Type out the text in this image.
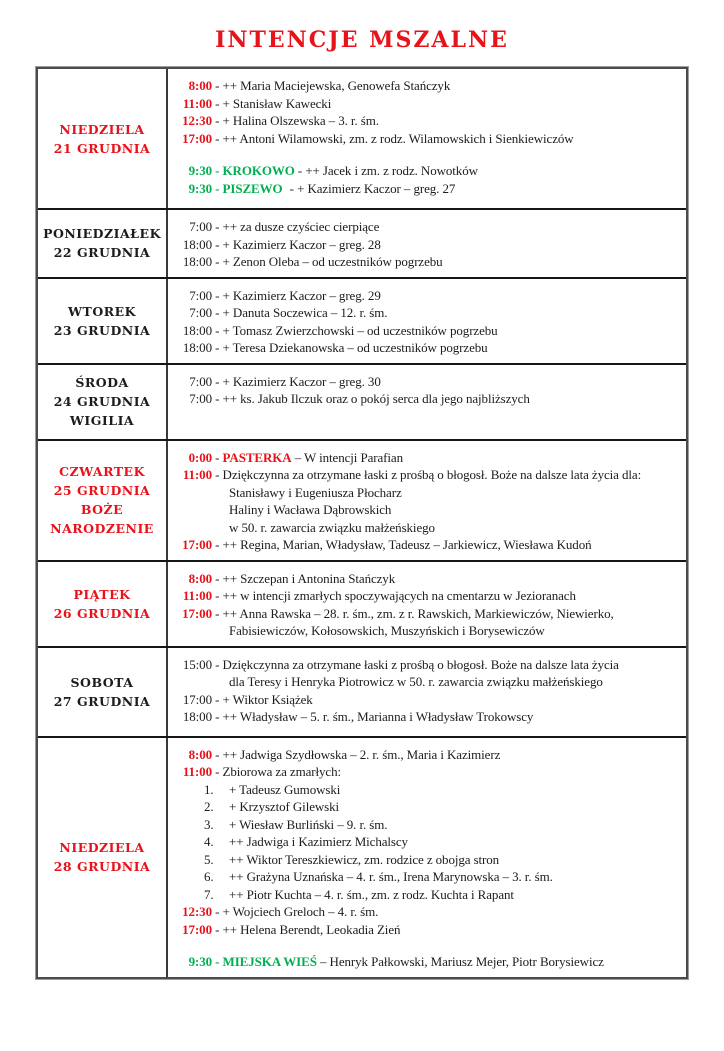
INTENCJE MSZALNE
NIEDZIELA
21 GRUDNIA
8:00 - ++ Maria Maciejewska, Genowefa Stańczyk
11:00 - + Stanisław Kawecki
12:30 - + Halina Olszewska – 3. r. śm.
17:00 - ++ Antoni Wilamowski, zm. z rodz. Wilamowskich i Sienkiewiczów
9:30 - KROKOWO - ++ Jacek i zm. z rodz. Nowotków
9:30 - PISZEWO - + Kazimierz Kaczor – greg. 27
PONIEDZIAŁEK
22 GRUDNIA
7:00 - ++ za dusze czyściec cierpiące
18:00 - + Kazimierz Kaczor – greg. 28
18:00 - + Zenon Oleba – od uczestników pogrzebu
WTOREK
23 GRUDNIA
7:00 - + Kazimierz Kaczor – greg. 29
7:00 - + Danuta Soczewica – 12. r. śm.
18:00 - + Tomasz Zwierzchowski – od uczestników pogrzebu
18:00 - + Teresa Dziekanowska – od uczestników pogrzebu
ŚRODA
24 GRUDNIA
WIGILIA
7:00 - + Kazimierz Kaczor – greg. 30
7:00 - ++ ks. Jakub Ilczuk oraz o pokój serca dla jego najbliższych
CZWARTEK
25 GRUDNIA
BOŻE
NARODZENIE
0:00 - PASTERKA – W intencji Parafian
11:00 - Dziękczynna za otrzymane łaski z prośbą o błogosł. Boże na dalsze lata życia dla:
Stanisławy i Eugeniusza Płocharz
Haliny i Wacława Dąbrowskich
w 50. r. zawarcia związku małżeńskiego
17:00 - ++ Regina, Marian, Władysław, Tadeusz – Jarkiewicz, Wiesława Kudoń
PIĄTEK
26 GRUDNIA
8:00 - ++ Szczepan i Antonina Stańczyk
11:00 - ++ w intencji zmarłych spoczywających na cmentarzu w Jezioranach
17:00 - ++ Anna Rawska – 28. r. śm., zm. z r. Rawskich, Markiewiczów, Niewierko,
Fabisiewiczów, Kołosowskich, Muszyńskich i Borysewiczów
SOBOTA
27 GRUDNIA
15:00 - Dziękczynna za otrzymane łaski z prośbą o błogosł. Boże na dalsze lata życia
dla Teresy i Henryka Piotrowicz w 50. r. zawarcia związku małżeńskiego
17:00 - + Wiktor Książek
18:00 - ++ Władysław – 5. r. śm., Marianna i Władysław Trokowscy
NIEDZIELA
28 GRUDNIA
8:00 - ++ Jadwiga Szydłowska – 2. r. śm., Maria i Kazimierz
11:00 - Zbiorowa za zmarłych:
1. + Tadeusz Gumowski
2. + Krzysztof Gilewski
3. + Wiesław Burliński – 9. r. śm.
4. ++ Jadwiga i Kazimierz Michalscy
5. ++ Wiktor Tereszkiewicz, zm. rodzice z obojga stron
6. ++ Grażyna Uznańska – 4. r. śm., Irena Marynowska – 3. r. śm.
7. ++ Piotr Kuchta – 4. r. śm., zm. z rodz. Kuchta i Rapant
12:30 - + Wojciech Greloch – 4. r. śm.
17:00 - ++ Helena Berendt, Leokadia Zień
9:30 - MIEJSKA WIEŚ – Henryk Pałkowski, Mariusz Mejer, Piotr Borysiewicz
